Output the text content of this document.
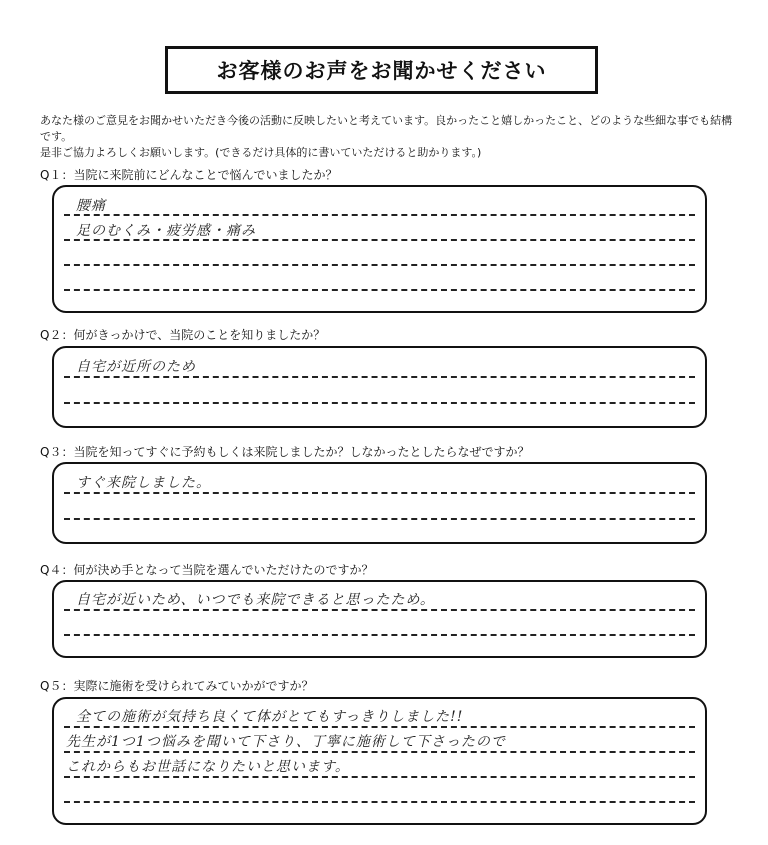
お客様のお声をお聞かせください
あなた様のご意見をお聞かせいただき今後の活動に反映したいと考えています。良かったこと嬉しかったこと、どのような些細な事でも結構です。
是非ご協力よろしくお願いします。(できるだけ具体的に書いていただけると助かります。)
Q１：当院に来院前にどんなことで悩んでいましたか？
腰痛
足のむくみ・疲労感・痛み
Q２：何がきっかけで、当院のことを知りましたか？
自宅が近所のため
Q３：当院を知ってすぐに予約もしくは来院しましたか？しなかったとしたらなぜですか？
すぐ来院しました。
Q４：何が決め手となって当院を選んでいただけたのですか？
自宅が近いため、いつでも来院できると思ったため。
Q５：実際に施術を受けられてみていかがですか？
全ての施術が気持ち良くて体がとてもすっきりしました!!
先生が1つ1つ悩みを聞いて下さり、丁寧に施術して下さったので
これからもお世話になりたいと思います。
